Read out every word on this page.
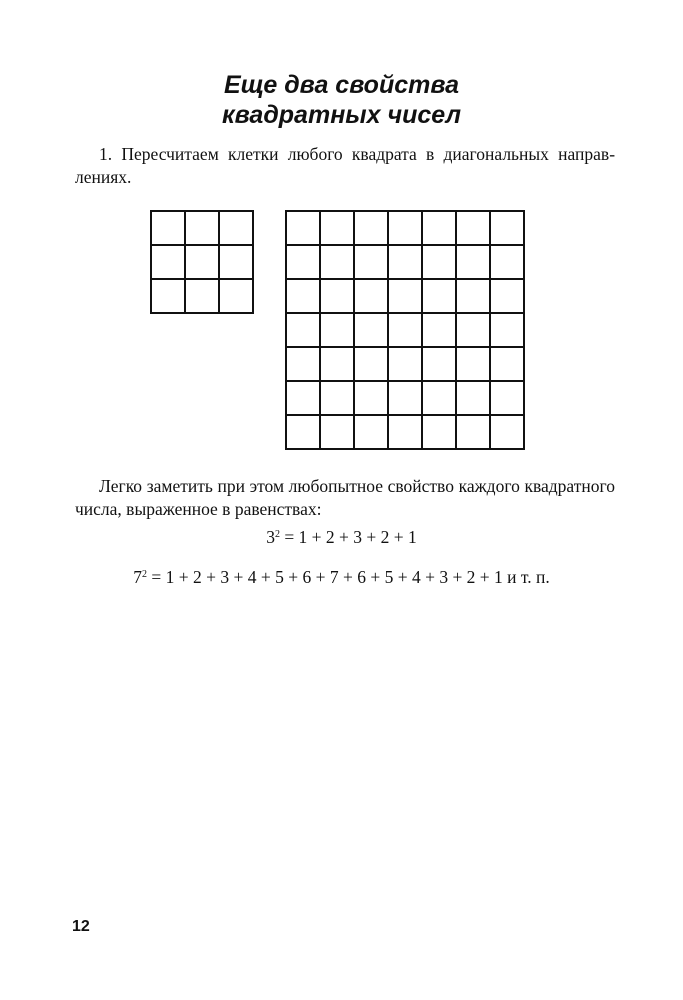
Еще два свойства
квадратных чисел

1. Пересчитаем клетки любого квадрата в диагональных направлениях.

Легко заметить при этом любопытное свойство каждого квадратного числа, выраженное в равенствах:

$3^2 = 1 + 2 + 3 + 2 + 1$

$7^2 = 1 + 2 + 3 + 4 + 5 + 6 + 7 + 6 + 5 + 4 + 3 + 2 + 1$ и т. п.

12
